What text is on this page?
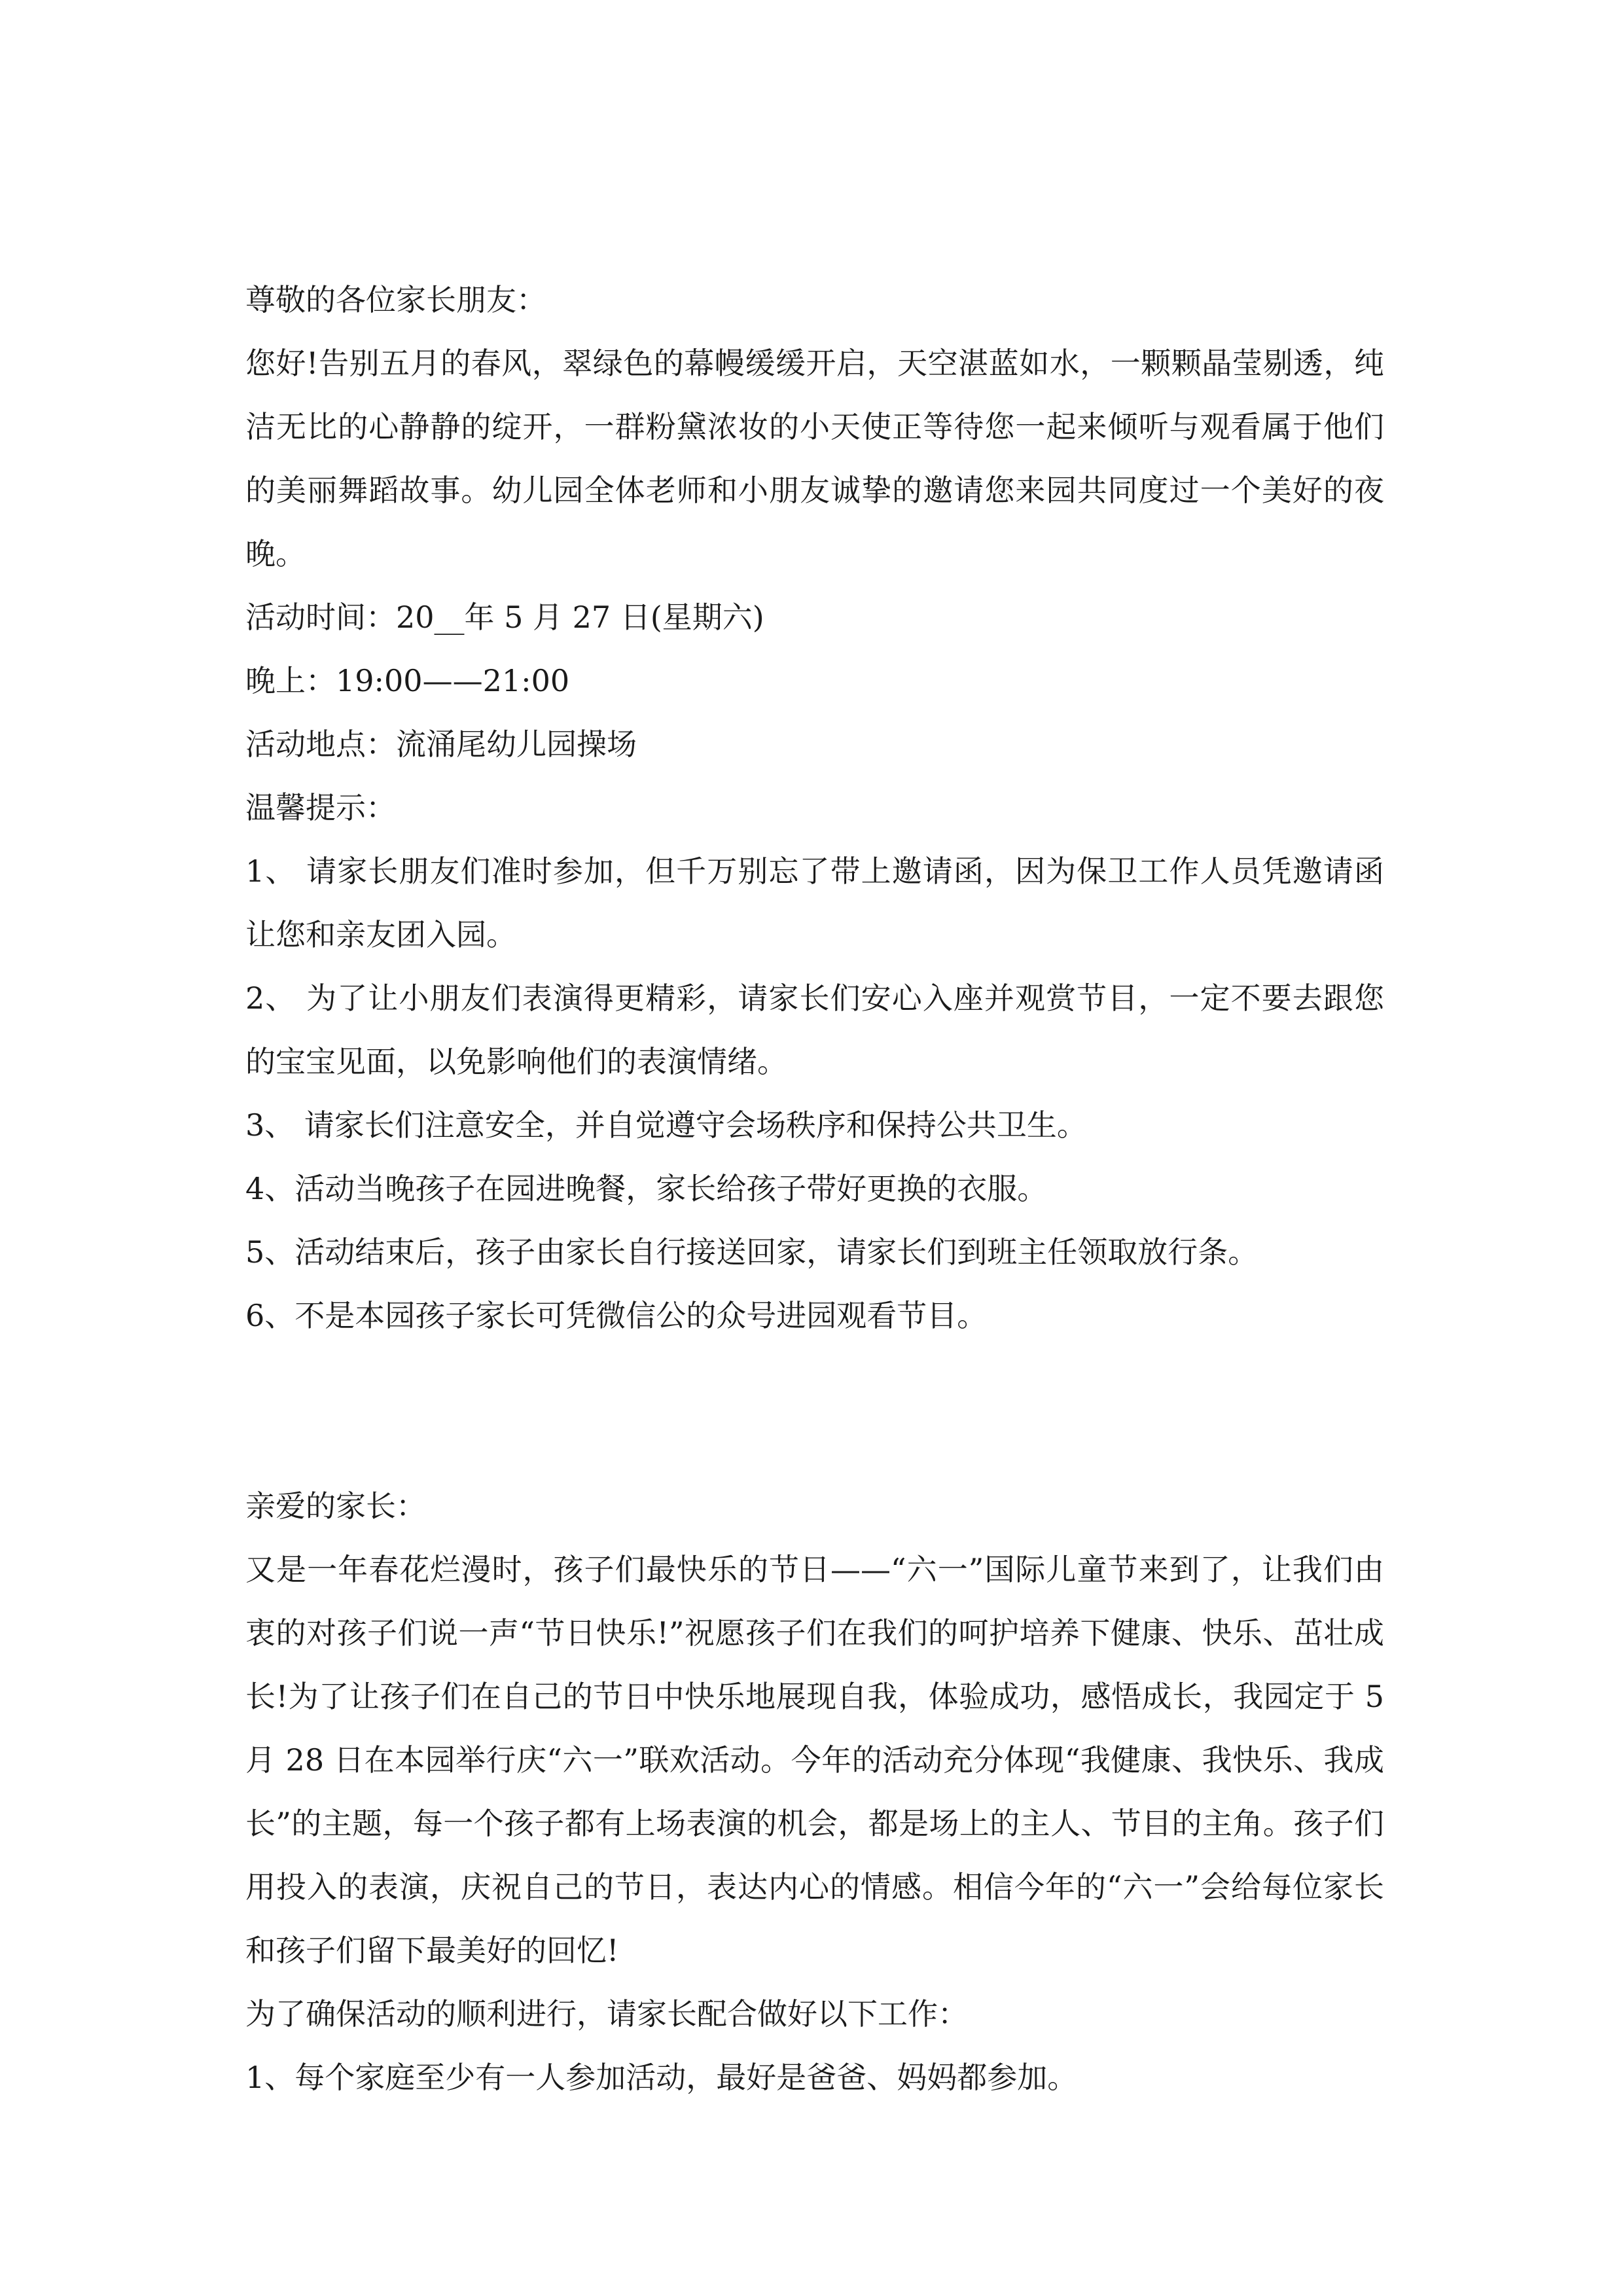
尊敬的各位家长朋友：

您好!告别五月的春风，翠绿色的幕幔缓缓开启，天空湛蓝如水，一颗颗晶莹剔透，纯洁无比的心静静的绽开，一群粉黛浓妆的小天使正等待您一起来倾听与观看属于他们的美丽舞蹈故事。幼儿园全体老师和小朋友诚挚的邀请您来园共同度过一个美好的夜晚。

活动时间：20__年 5 月 27 日(星期六)

晚上：19:00——21:00

活动地点：流涌尾幼儿园操场

温馨提示：

1、 请家长朋友们准时参加，但千万别忘了带上邀请函，因为保卫工作人员凭邀请函让您和亲友团入园。

2、 为了让小朋友们表演得更精彩，请家长们安心入座并观赏节目，一定不要去跟您的宝宝见面，以免影响他们的表演情绪。

3、 请家长们注意安全，并自觉遵守会场秩序和保持公共卫生。

4、活动当晚孩子在园进晚餐，家长给孩子带好更换的衣服。

5、活动结束后，孩子由家长自行接送回家，请家长们到班主任领取放行条。

6、不是本园孩子家长可凭微信公的众号进园观看节目。

亲爱的家长：

又是一年春花烂漫时，孩子们最快乐的节日——“六一”国际儿童节来到了，让我们由衷的对孩子们说一声“节日快乐!”祝愿孩子们在我们的呵护培养下健康、快乐、茁壮成长!为了让孩子们在自己的节日中快乐地展现自我，体验成功，感悟成长，我园定于 5 月 28 日在本园举行庆“六一”联欢活动。今年的活动充分体现“我健康、我快乐、我成长”的主题，每一个孩子都有上场表演的机会，都是场上的主人、节目的主角。孩子们用投入的表演，庆祝自己的节日，表达内心的情感。相信今年的“六一”会给每位家长和孩子们留下最美好的回忆!

为了确保活动的顺利进行，请家长配合做好以下工作：

1、每个家庭至少有一人参加活动，最好是爸爸、妈妈都参加。
